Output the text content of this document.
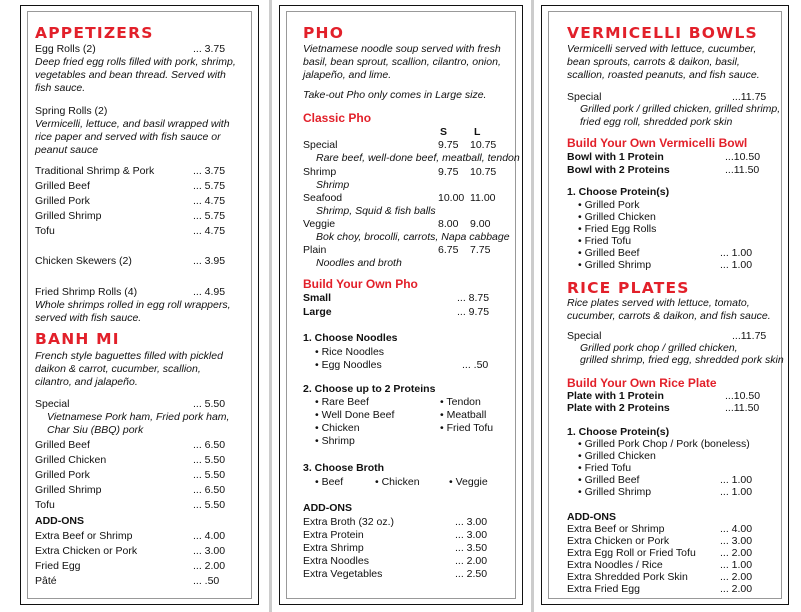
APPETIZERS
Egg Rolls (2)	... 3.75
Deep fried egg rolls filled with pork, shrimp,
vegetables and bean thread. Served with
fish sauce.
Spring Rolls (2)
Vermicelli, lettuce, and basil wrapped with
rice paper and served with fish sauce or
peanut sauce
Traditional Shrimp & Pork	... 3.75
Grilled Beef	... 5.75
Grilled Pork	... 4.75
Grilled Shrimp	... 5.75
Tofu	... 4.75
Chicken Skewers (2)	... 3.95
Fried Shrimp Rolls (4)	... 4.95
Whole shrimps rolled in egg roll wrappers,
served with fish sauce.
BANH MI
French style baguettes filled with pickled
daikon & carrot, cucumber, scallion,
cilantro, and jalapeño.
Special	... 5.50
Vietnamese Pork ham, Fried pork ham,
Char Siu (BBQ) pork
Grilled Beef	... 6.50
Grilled Chicken	... 5.50
Grilled Pork	... 5.50
Grilled Shrimp	... 6.50
Tofu	... 5.50
ADD-ONS
Extra Beef or Shrimp	... 4.00
Extra Chicken or Pork	... 3.00
Fried Egg	... 2.00
Pâté	... .50
PHO
Vietnamese noodle soup served with fresh
basil, bean sprout, scallion, cilantro, onion,
jalapeño, and lime.
Take-out Pho only comes in Large size.
Classic Pho
S	L
Special	9.75 10.75
Rare beef, well-done beef, meatball, tendon
Shrimp	9.75 10.75
Shrimp
Seafood	10.00 11.00
Shrimp, Squid & fish balls
Veggie	8.00 9.00
Bok choy, brocolli, carrots, Napa cabbage
Plain	6.75 7.75
Noodles and broth
Build Your Own Pho
Small	... 8.75
Large	... 9.75
1. Choose Noodles
• Rice Noodles
• Egg Noodles	... .50
2. Choose up to 2 Proteins
• Rare Beef
• Well Done Beef
• Chicken
• Shrimp
• Tendon
• Meatball
• Fried Tofu
3. Choose Broth
• Beef	• Chicken	• Veggie
ADD-ONS
Extra Broth (32 oz.)	... 3.00
Extra Protein	... 3.00
Extra Shrimp	... 3.50
Extra Noodles	... 2.00
Extra Vegetables	... 2.50
VERMICELLI BOWLS
Vermicelli served with lettuce, cucumber,
bean sprouts, carrots & daikon, basil,
scallion, roasted peanuts, and fish sauce.
Special	...11.75
Grilled pork / grilled chicken, grilled shrimp,
fried egg roll, shredded pork skin
Build Your Own Vermicelli Bowl
Bowl with 1 Protein	...10.50
Bowl with 2 Proteins	...11.50
1. Choose Protein(s)
• Grilled Pork
• Grilled Chicken
• Fried Egg Rolls
• Fried Tofu
• Grilled Beef	... 1.00
• Grilled Shrimp	... 1.00
RICE PLATES
Rice plates served with lettuce, tomato,
cucumber, carrots & daikon, and fish sauce.
Special	...11.75
Grilled pork chop / grilled chicken,
grilled shrimp, fried egg, shredded pork skin
Build Your Own Rice Plate
Plate with 1 Protein	...10.50
Plate with 2 Proteins	...11.50
1. Choose Protein(s)
• Grilled Pork Chop / Pork (boneless)
• Grilled Chicken
• Fried Tofu
• Grilled Beef	... 1.00
• Grilled Shrimp	... 1.00
ADD-ONS
Extra Beef or Shrimp	... 4.00
Extra Chicken or Pork	... 3.00
Extra Egg Roll or Fried Tofu ... 2.00
Extra Noodles / Rice	... 1.00
Extra Shredded Pork Skin	... 2.00
Extra Fried Egg	... 2.00
